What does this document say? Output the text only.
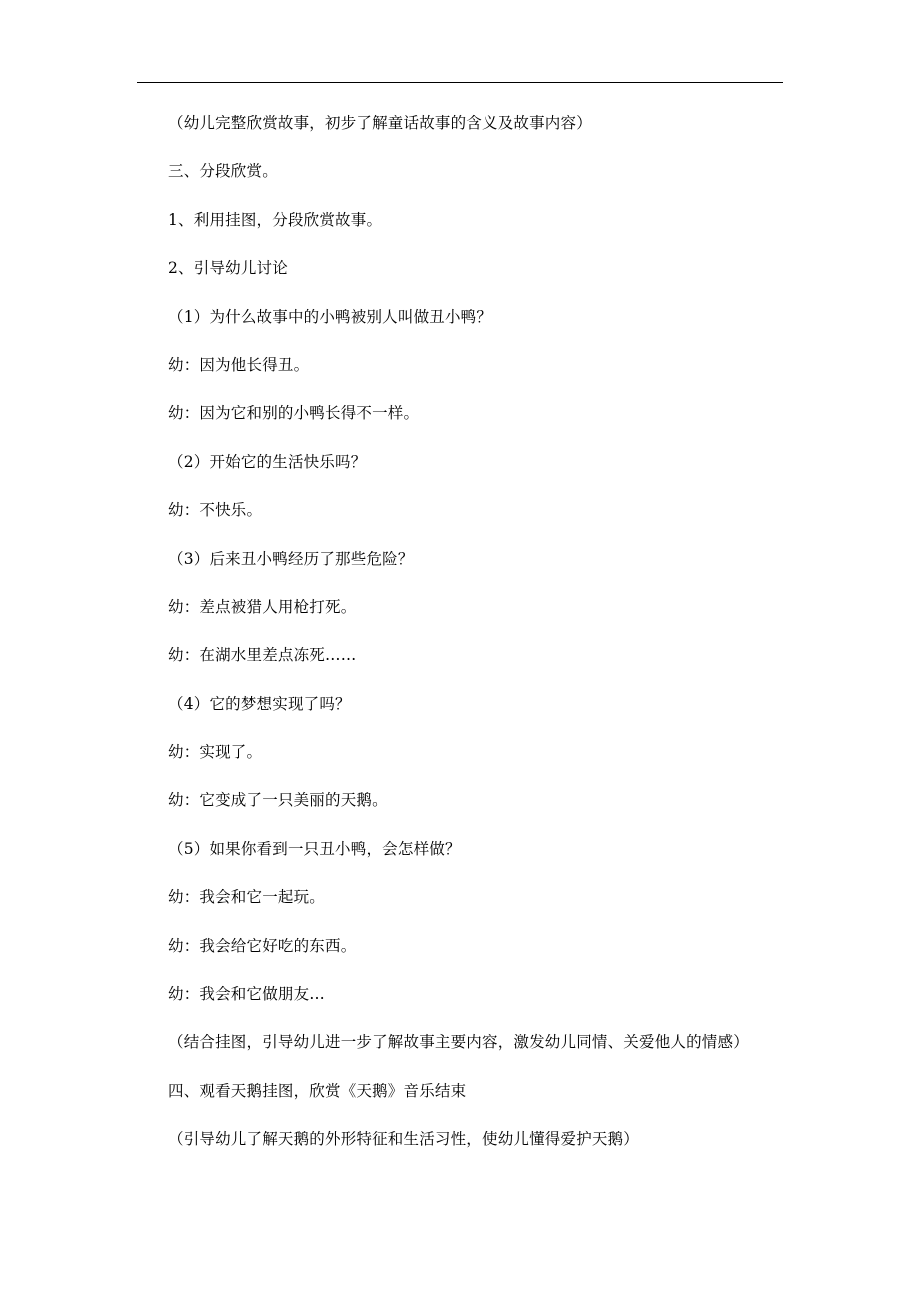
（幼儿完整欣赏故事，初步了解童话故事的含义及故事内容）
三、分段欣赏。
1、利用挂图，分段欣赏故事。
2、引导幼儿讨论
（1）为什么故事中的小鸭被别人叫做丑小鸭？
幼：因为他长得丑。
幼：因为它和别的小鸭长得不一样。
（2）开始它的生活快乐吗？
幼：不快乐。
（3）后来丑小鸭经历了那些危险？
幼：差点被猎人用枪打死。
幼：在湖水里差点冻死……
（4）它的梦想实现了吗？
幼：实现了。
幼：它变成了一只美丽的天鹅。
（5）如果你看到一只丑小鸭，会怎样做？
幼：我会和它一起玩。
幼：我会给它好吃的东西。
幼：我会和它做朋友…
（结合挂图，引导幼儿进一步了解故事主要内容，激发幼儿同情、关爱他人的情感）
四、观看天鹅挂图，欣赏《天鹅》音乐结束
（引导幼儿了解天鹅的外形特征和生活习性，使幼儿懂得爱护天鹅）
